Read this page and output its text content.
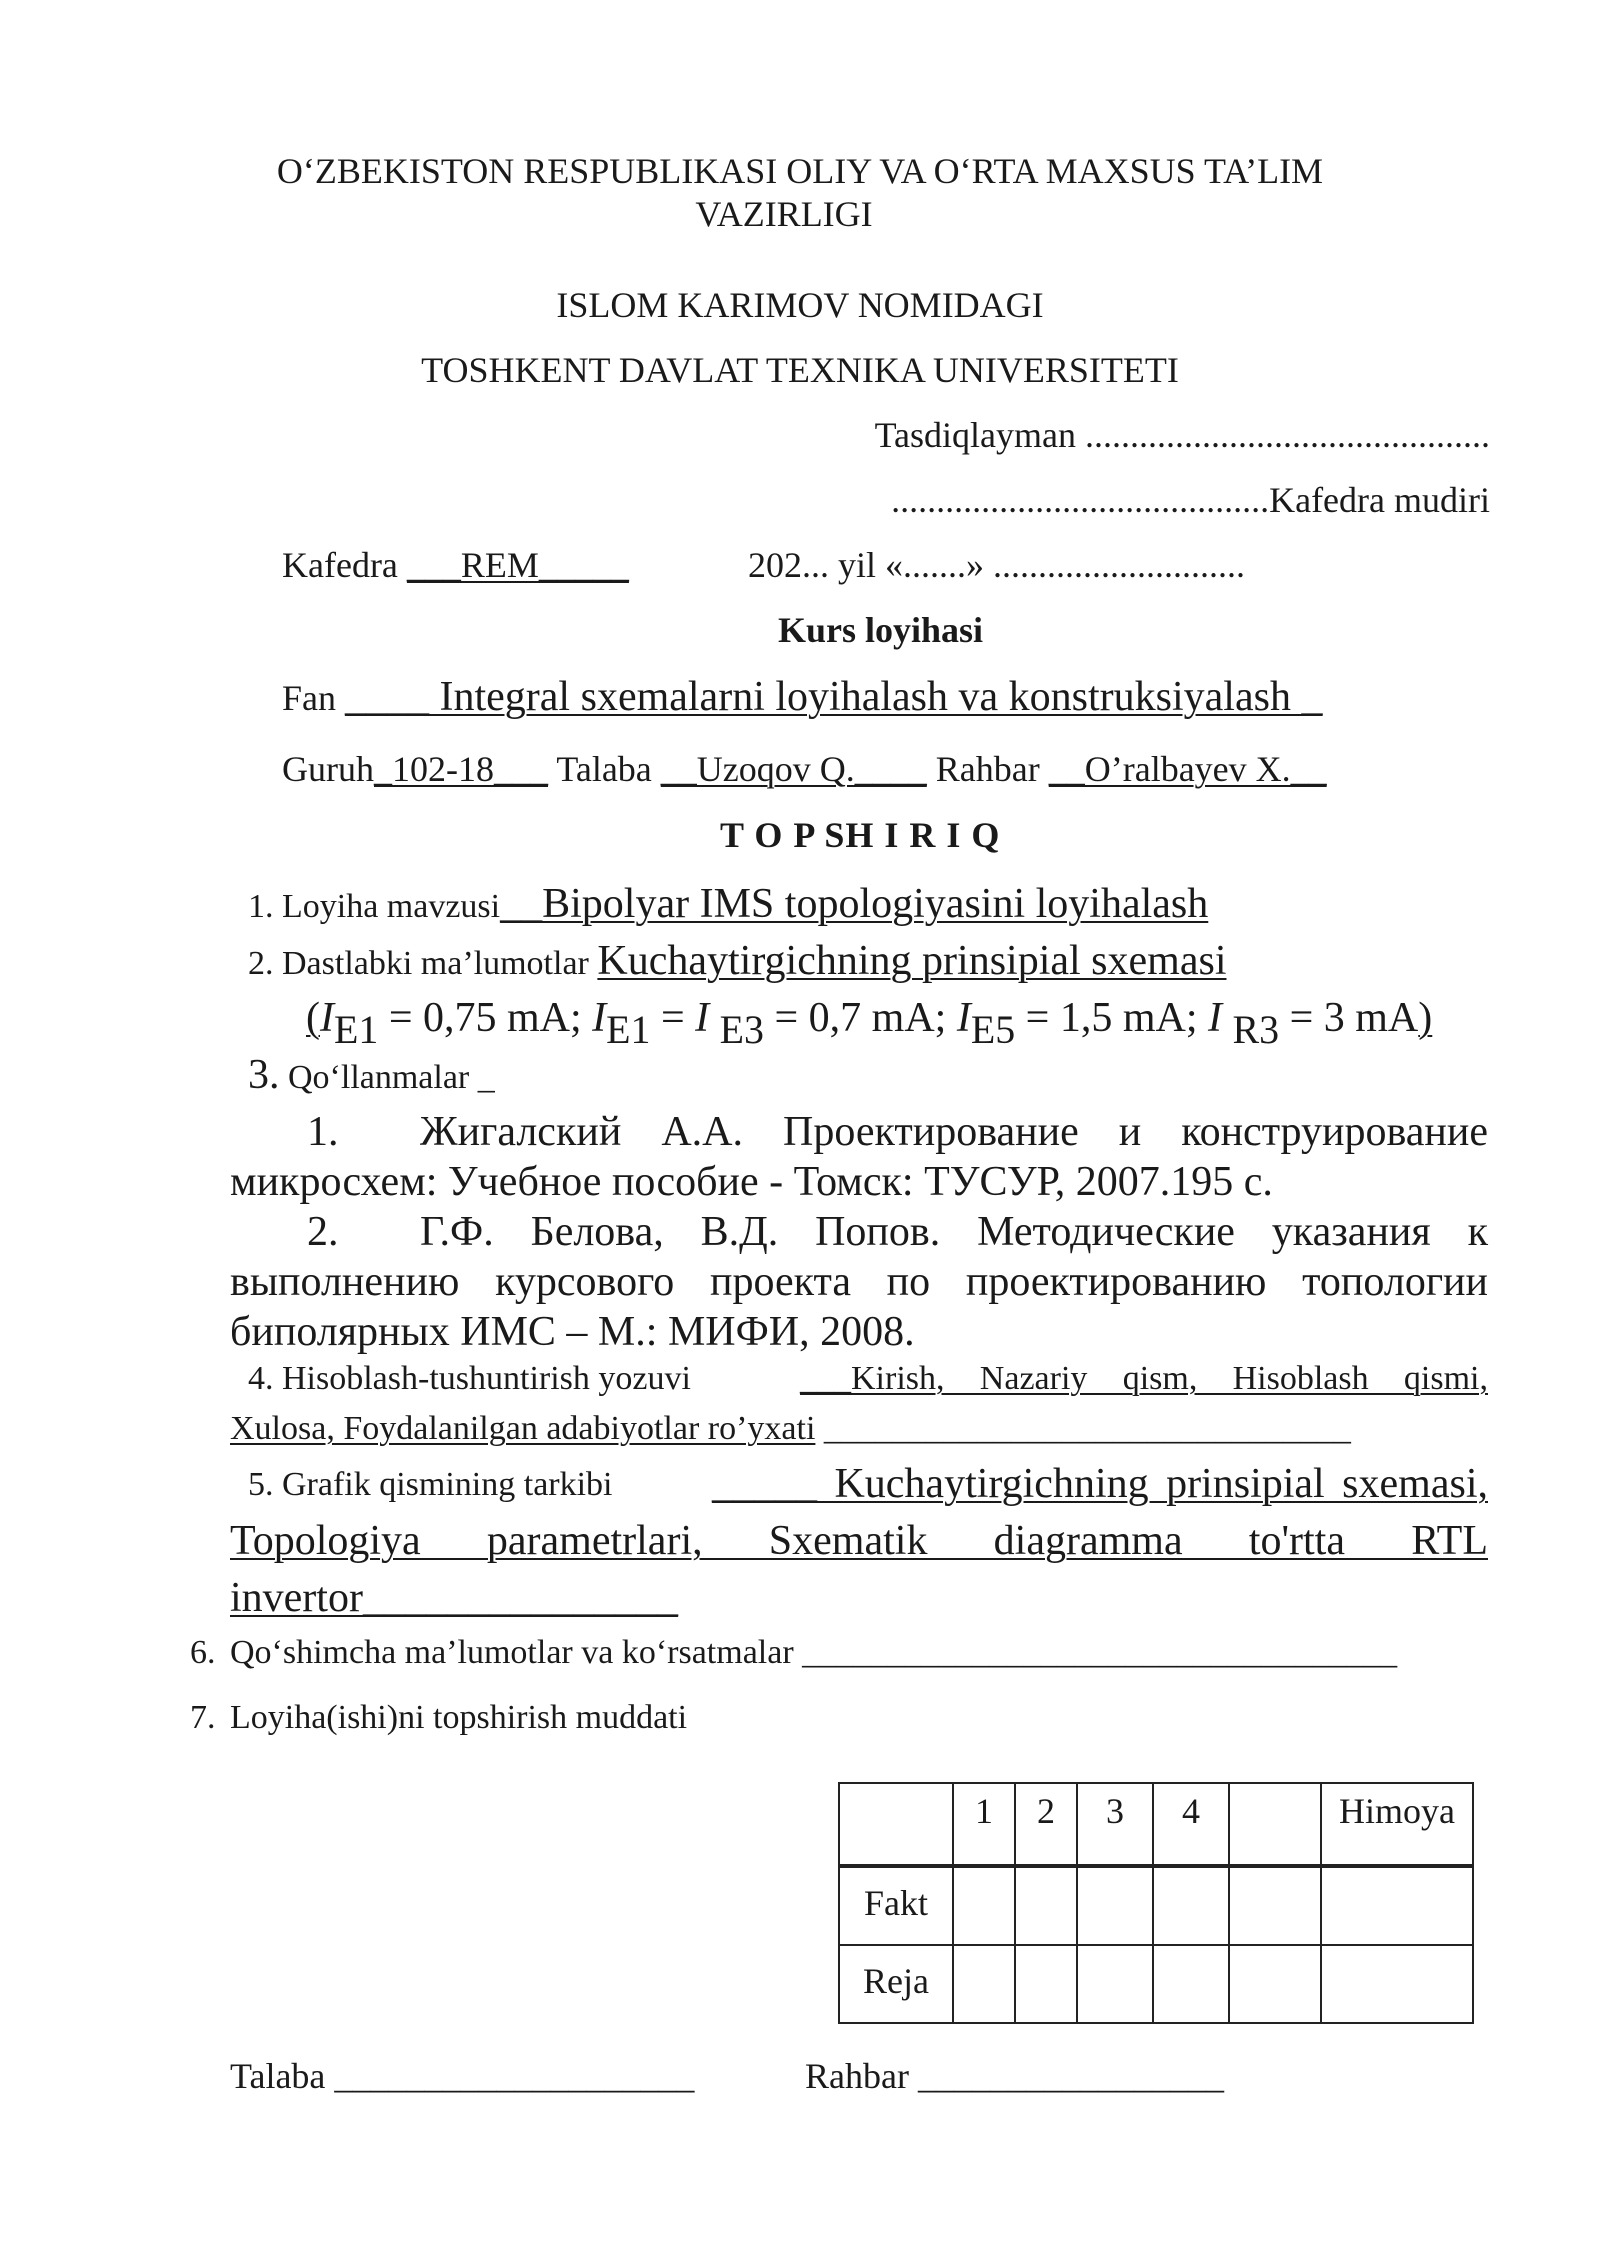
O‘ZBEKISTON RESPUBLIKASI OLIY VA O‘RTA MAXSUS TA’LIM
VAZIRLIGI
ISLOM KARIMOV NOMIDAGI
TOSHKENT DAVLAT TEXNIKA UNIVERSITETI
Tasdiqlayman .............................................
..........................................Kafedra mudiri
Kafedra ___REM_____	202... yil «.......» ............................
Kurs loyihasi
Fan ____ Integral sxemalarni loyihalash va konstruksiyalash _
Guruh_102-18___ Talaba __Uzoqov Q.____ Rahbar __O’ralbayev X.__
T O P SH I R I Q
1. Loyiha mavzusi__Bipolyar IMS topologiyasini loyihalash
2. Dastlabki ma’lumotlar Kuchaytirgichning prinsipial sxemasi
($I_{E1} = 0,75$ mA; $I_{E1} = I$ $_{E3}$ = 0,7 mA; $I_{E5} = 1,5$ mA; I $_{R3}$ = 3 mA)
3. Qo‘llanmalar _
1. Жигалский А.А. Проектирование и конструирование
микросхем: Учебное пособие - Томск: ТУСУР, 2007.195 с.
2. Г.Ф. Белова, В.Д. Попов. Методические указания к
выполнению курсового проекта по проектированию топологии
биполярных ИМС – М.: МИФИ, 2008.
4. Hisoblash-tushuntirish yozuvi	___Kirish, Nazariy qism, Hisoblash qismi,
Xulosa, Foydalanilgan adabiyotlar ro’yxati _______________________________
5. Grafik qismining tarkibi _____ Kuchaytirgichning prinsipial sxemasi,
Topologiya parametrlari, Sxematik diagramma to'rtta RTL
invertor_______________
6. Qo‘shimcha ma’lumotlar va ko‘rsatmalar ___________________________________
7. Loyiha(ishi)ni topshirish muddati

	1	2	3	4		Himoya

Fakt						

Reja						

Talaba ____________________	Rahbar _________________
